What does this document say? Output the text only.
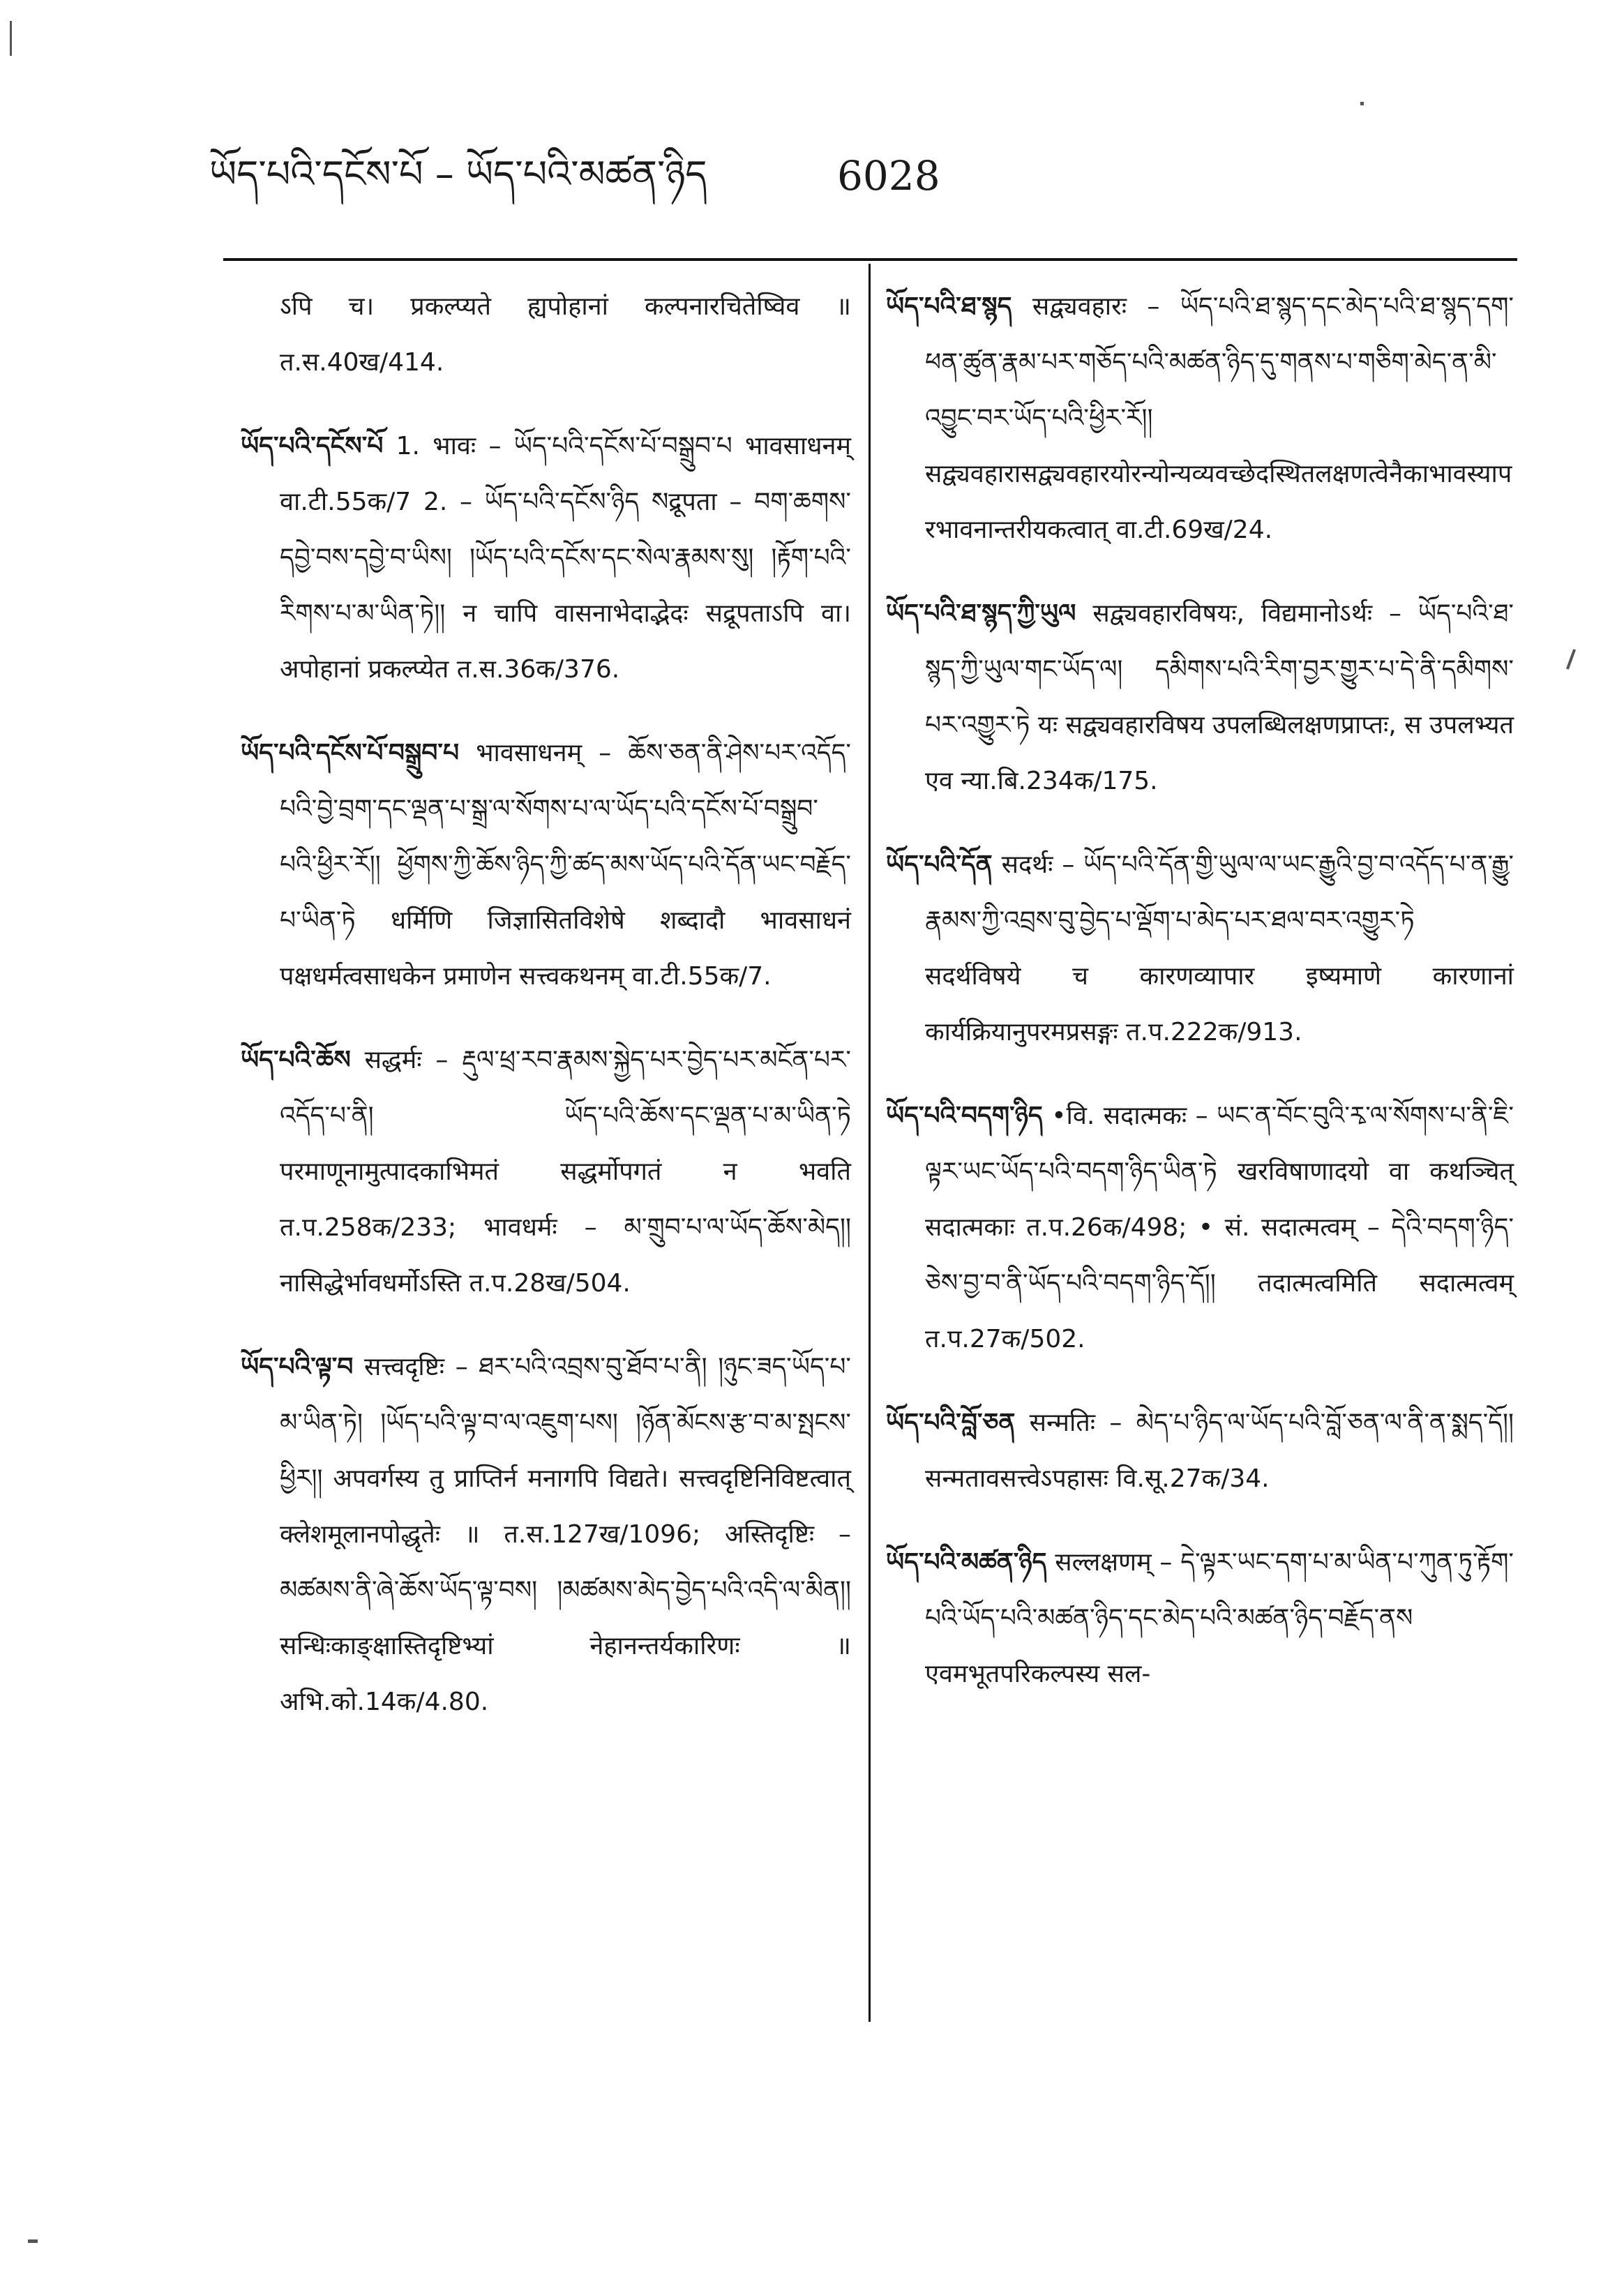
ཡོད་པའི་དངོས་པོ – ཡོད་པའི་མཚན་ཉིད	6028
ऽपि च। प्रकल्प्यते ह्यपोहानां कल्पनारचितेष्विव ॥ त.स.40ख/414.
ཡོད་པའི་དངོས་པོ 1. भावः – ཡོད་པའི་དངོས་པོ་བསྒྲུབ་པ भावसाधनम् वा.टी.55क/7 2. – ཡོད་པའི་དངོས་ཉིད སद्रूपता – བག་ཆགས་དབྱེ་བས་དབྱེ་བ་ཡིས། །ཡོད་པའི་དངོས་དང་སེལ་རྣམས་སུ། །རྟོག་པའི་རིགས་པ་མ་ཡིན་ཏེ།། न चापि वासनाभेदाद्भेदः सद्रूपताऽपि वा। अपोहानां प्रकल्प्येत त.स.36क/376.
ཡོད་པའི་དངོས་པོ་བསྒྲུབ་པ भावसाधनम् – ཆོས་ཅན་ནི་ཤེས་པར་འདོད་པའི་བྱེ་བྲག་དང་ལྡན་པ་སྒྲ་ལ་སོགས་པ་ལ་ཡོད་པའི་དངོས་པོ་བསྒྲུབ་པའི་ཕྱིར་རོ།། ཕྱོགས་ཀྱི་ཆོས་ཉིད་ཀྱི་ཚད་མས་ཡོད་པའི་དོན་ཡང་བརྗོད་པ་ཡིན་ཏེ धर्मिणि जिज्ञासितविशेषे शब्दादौ भावसाधनं पक्षधर्मत्वसाधकेन प्रमाणेन सत्त्वकथनम् वा.टी.55क/7.
ཡོད་པའི་ཆོས सद्धर्मः – རྡུལ་ཕྲ་རབ་རྣམས་སྐྱེད་པར་བྱེད་པར་མངོན་པར་འདོད་པ་ནི། ཡོད་པའི་ཆོས་དང་ལྡན་པ་མ་ཡིན་ཏེ परमाणूनामुत्पादकाभिमतं सद्धर्मोपगतं न भवति त.प.258क/233; भावधर्मः – མ་གྲུབ་པ་ལ་ཡོད་ཆོས་མེད།། नासिद्धेर्भावधर्मोऽस्ति त.प.28ख/504.
ཡོད་པའི་ལྟ་བ सत्त्वदृष्टिः – ཐར་པའི་འབྲས་བུ་ཐོབ་པ་ནི། །ཉུང་ཟད་ཡོད་པ་མ་ཡིན་ཏེ། །ཡོད་པའི་ལྟ་བ་ལ་འཇུག་པས། །ཉོན་མོངས་རྩ་བ་མ་སྤངས་ཕྱིར།། अपवर्गस्य तु प्राप्तिर्न मनागपि विद्यते। सत्त्वदृष्टिनिविष्टत्वात् क्लेशमूलानपोद्धृतेः ॥ त.स.127ख/1096; अस्तिदृष्टिः – མཚམས་ནི་ཞེ་ཆོས་ཡོད་ལྟ་བས། །མཚམས་མེད་བྱེད་པའི་འདི་ལ་མིན།། सन्धिःकाङ्क्षास्तिदृष्टिभ्यां नेहानन्तर्यकारिणः ॥ अभि.को.14क/4.80.
ཡོད་པའི་ཐ་སྙད सद्व्यवहारः – ཡོད་པའི་ཐ་སྙད་དང་མེད་པའི་ཐ་སྙད་དག་ཕན་ཚུན་རྣམ་པར་གཅོད་པའི་མཚན་ཉིད་དུ་གནས་པ་གཅིག་མེད་ན་མི་འབྱུང་བར་ཡོད་པའི་ཕྱིར་རོ།། सद्व्यवहारासद्व्यवहारयोरन्योन्यव्यवच्छेदस्थितलक्षणत्वेनैकाभावस्यापरभावनान्तरीयकत्वात् वा.टी.69ख/24.
ཡོད་པའི་ཐ་སྙད་ཀྱི་ཡུལ सद्व्यवहारविषयः, विद्यमानोऽर्थः – ཡོད་པའི་ཐ་སྙད་ཀྱི་ཡུལ་གང་ཡོད་ལ། དམིགས་པའི་རིག་བྱར་གྱུར་པ་དེ་ནི་དམིགས་པར་འགྱུར་ཏེ यः सद्व्यवहारविषय उपलब्धिलक्षणप्राप्तः, स उपलभ्यत एव न्या.बि.234क/175.
ཡོད་པའི་དོན सदर्थः – ཡོད་པའི་དོན་གྱི་ཡུལ་ལ་ཡང་རྒྱུའི་བྱ་བ་འདོད་པ་ན་རྒྱུ་རྣམས་ཀྱི་འབྲས་བུ་བྱེད་པ་ལྡོག་པ་མེད་པར་ཐལ་བར་འགྱུར་ཏེ सदर्थविषये च कारणव्यापार इष्यमाणे कारणानां कार्यक्रियानुपरमप्रसङ्गः त.प.222क/913.
ཡོད་པའི་བདག་ཉིད •वि. सदात्मकः – ཡང་ན་བོང་བུའི་རྭ་ལ་སོགས་པ་ནི་ཇི་ལྟར་ཡང་ཡོད་པའི་བདག་ཉིད་ཡིན་ཏེ खरविषाणादयो वा कथञ्चित् सदात्मकाः त.प.26क/498; • सं. सदात्मत्वम् – དེའི་བདག་ཉིད་ཅེས་བྱ་བ་ནི་ཡོད་པའི་བདག་ཉིད་དོ།། तदात्मत्वमिति सदात्मत्वम् त.प.27क/502.
ཡོད་པའི་བློ་ཅན सन्मतिः – མེད་པ་ཉིད་ལ་ཡོད་པའི་བློ་ཅན་ལ་ནི་ན་སྨད་དོ།། सन्मतावसत्त्वेऽपहासः वि.सू.27क/34.
ཡོད་པའི་མཚན་ཉིད सल्लक्षणम् – དེ་ལྟར་ཡང་དག་པ་མ་ཡིན་པ་ཀུན་ཏུ་རྟོག་པའི་ཡོད་པའི་མཚན་ཉིད་དང་མེད་པའི་མཚན་ཉིད་བརྗོད་ནས एवमभूतपरिकल्पस्य सल-
